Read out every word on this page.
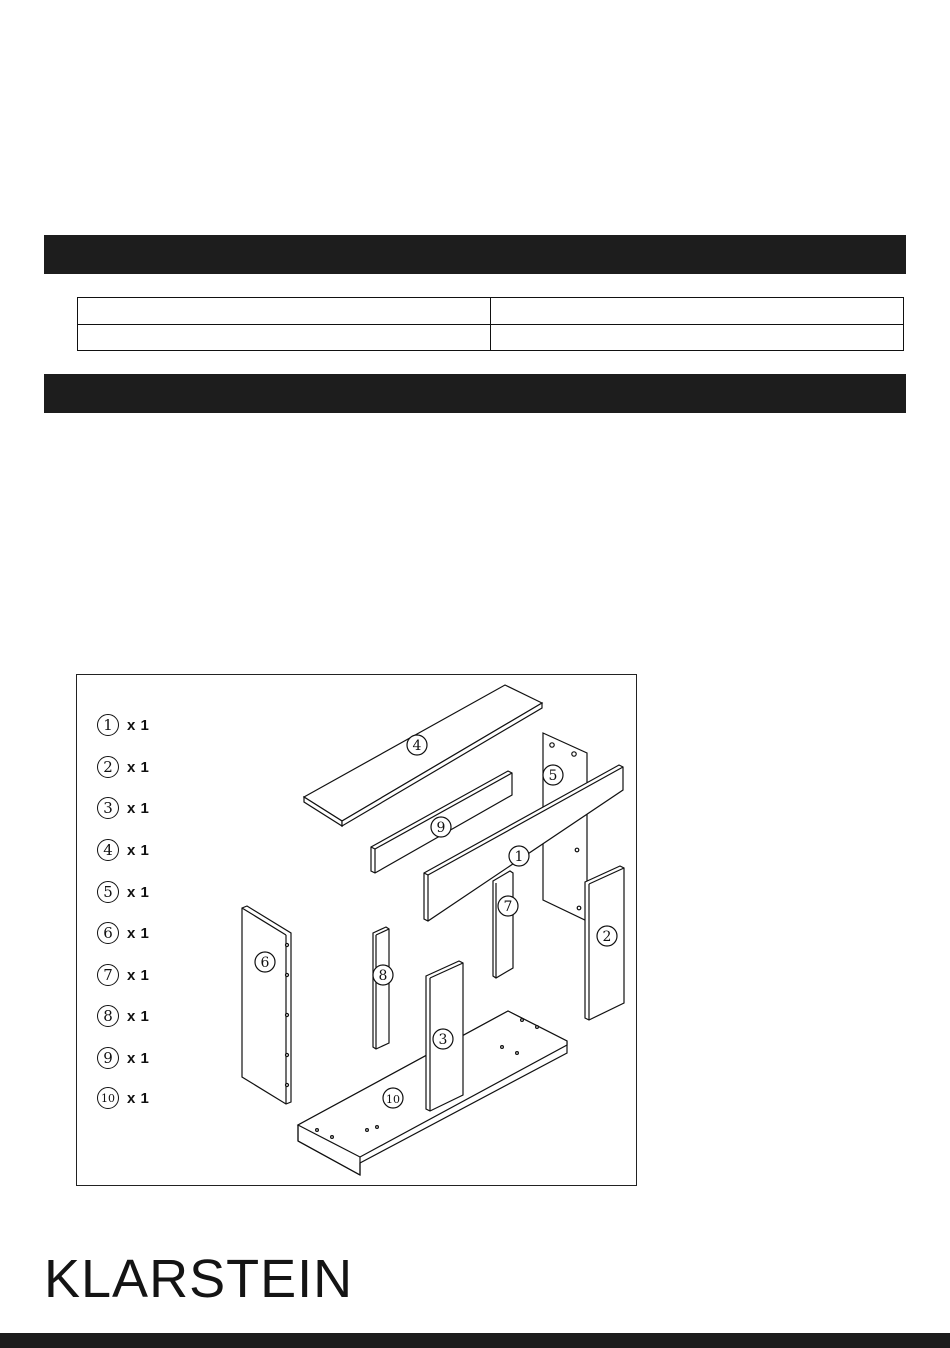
4
5
9
1
7
2
6
8
3
10
1 x 1
2 x 1
3 x 1
4 x 1
5 x 1
6 x 1
7 x 1
8 x 1
9 x 1
10 x 1
KLARSTEIN
